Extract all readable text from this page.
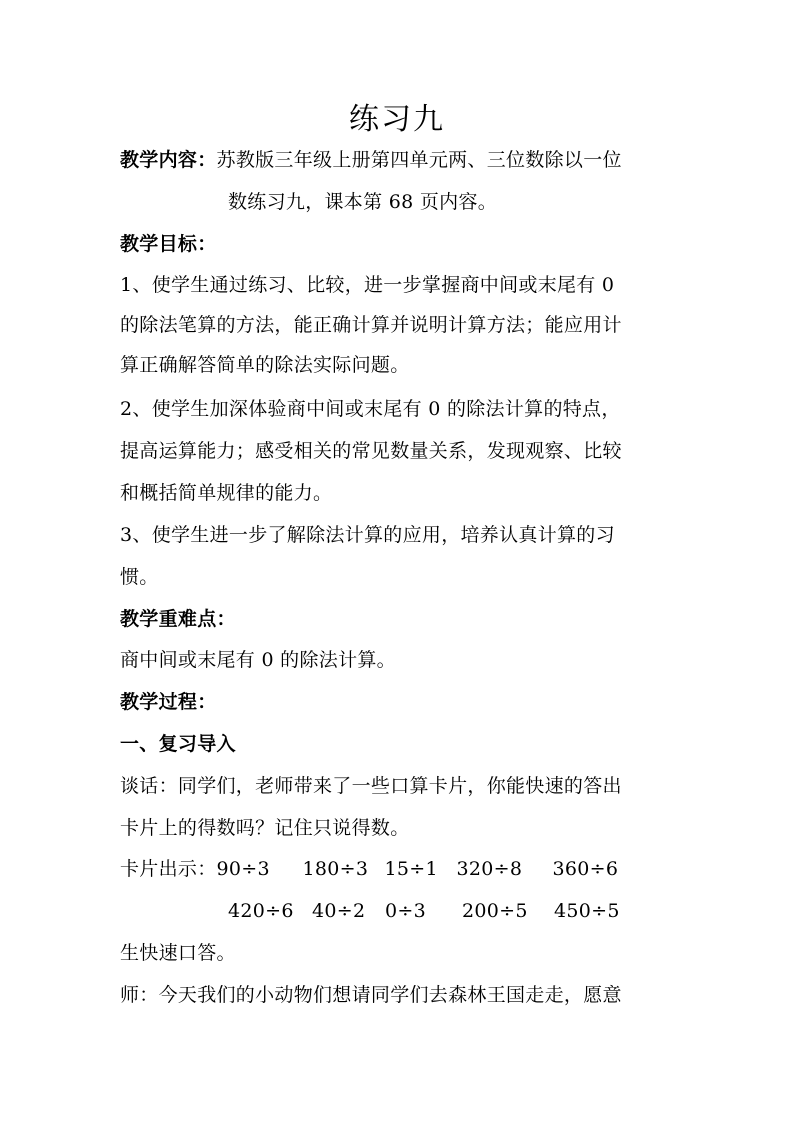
练习九
教学内容：苏教版三年级上册第四单元两、三位数除以一位
数练习九，课本第 68 页内容。
教学目标：
1、使学生通过练习、比较，进一步掌握商中间或末尾有 0
的除法笔算的方法，能正确计算并说明计算方法；能应用计
算正确解答简单的除法实际问题。
2、使学生加深体验商中间或末尾有 0 的除法计算的特点，
提高运算能力；感受相关的常见数量关系，发现观察、比较
和概括简单规律的能力。
3、使学生进一步了解除法计算的应用，培养认真计算的习
惯。
教学重难点：
商中间或末尾有 0 的除法计算。
教学过程：
一、复习导入
谈话：同学们，老师带来了一些口算卡片，你能快速的答出
卡片上的得数吗？记住只说得数。
卡片出示：90÷3 180÷3 15÷1 320÷8 360÷6
420÷6 40÷2 0÷3 200÷5 450÷5
生快速口答。
师：今天我们的小动物们想请同学们去森林王国走走，愿意
